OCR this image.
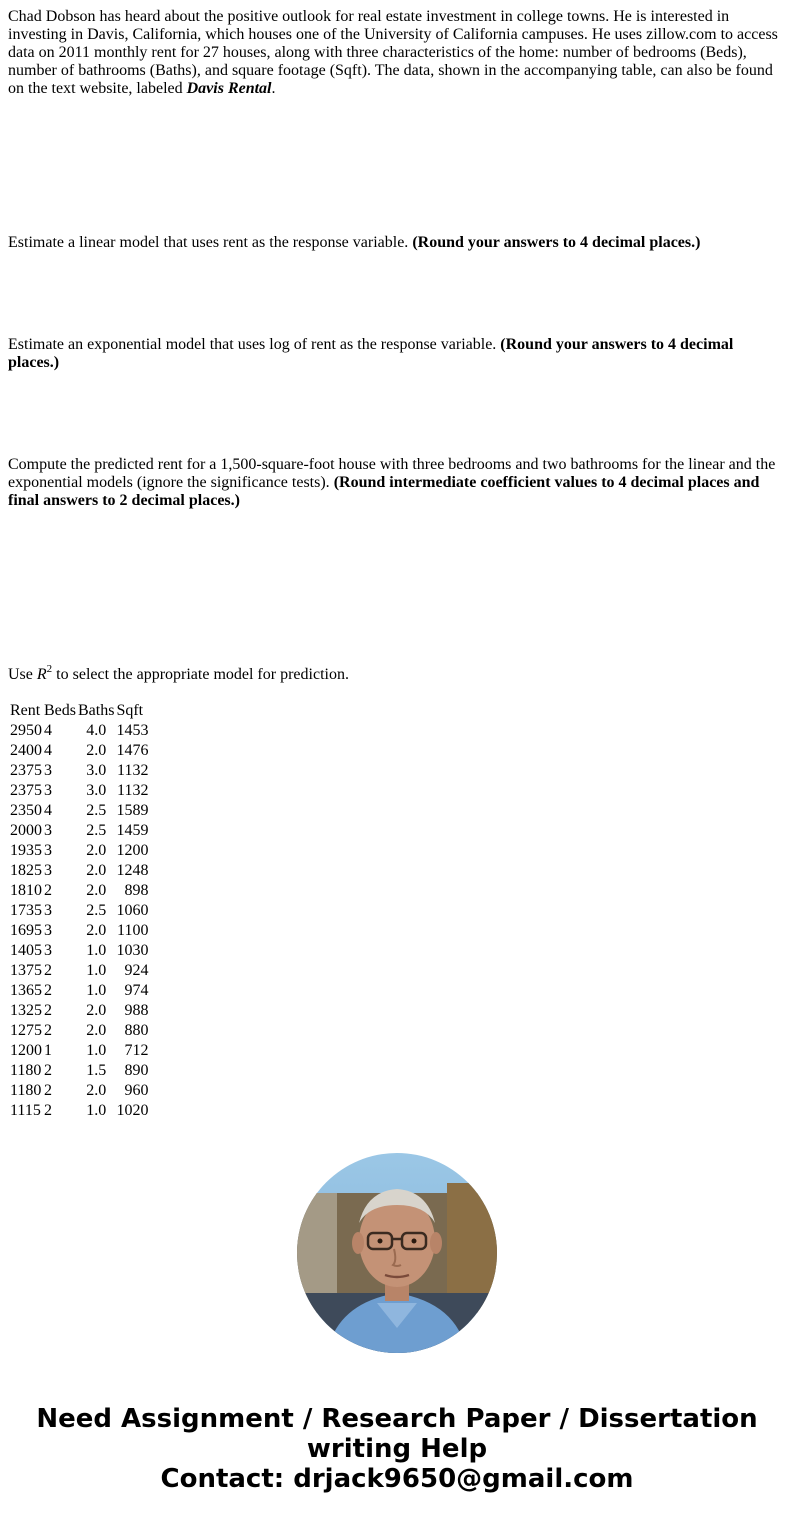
Chad Dobson has heard about the positive outlook for real estate investment in college towns. He is interested in investing in Davis, California, which houses one of the University of California campuses. He uses zillow.com to access data on 2011 monthly rent for 27 houses, along with three characteristics of the home: number of bedrooms (Beds), number of bathrooms (Baths), and square footage (Sqft). The data, shown in the accompanying table, can also be found on the text website, labeled Davis Rental.

Estimate a linear model that uses rent as the response variable. (Round your answers to 4 decimal places.)

Estimate an exponential model that uses log of rent as the response variable. (Round your answers to 4 decimal places.)

Compute the predicted rent for a 1,500-square-foot house with three bedrooms and two bathrooms for the linear and the exponential models (ignore the significance tests). (Round intermediate coefficient values to 4 decimal places and final answers to 2 decimal places.)

Use $R^2$ to select the appropriate model for prediction.

Rent	Beds	Baths	Sqft
2950	4	4.0	1453
2400	4	2.0	1476
2375	3	3.0	1132
2375	3	3.0	1132
2350	4	2.5	1589
2000	3	2.5	1459
1935	3	2.0	1200
1825	3	2.0	1248
1810	2	2.0	898
1735	3	2.5	1060
1695	3	2.0	1100
1405	3	1.0	1030
1375	2	1.0	924
1365	2	1.0	974
1325	2	2.0	988
1275	2	2.0	880
1200	1	1.0	712
1180	2	1.5	890
1180	2	2.0	960
1115	2	1.0	1020
Need Assignment / Research Paper / Dissertation
writing Help
Contact: drjack9650@gmail.com
